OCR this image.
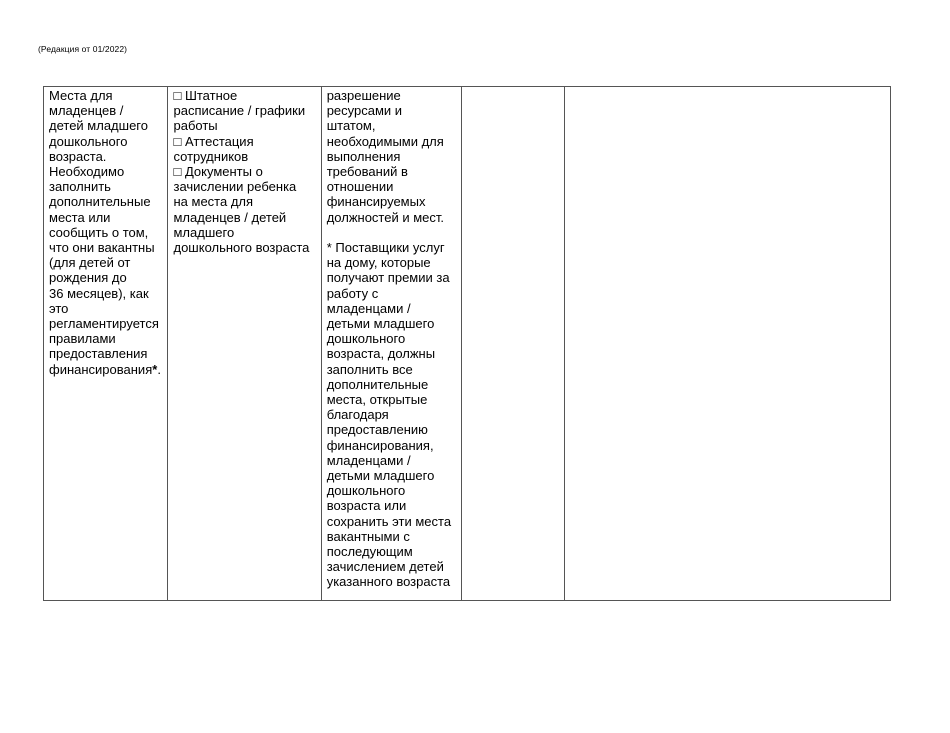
(Редакция от 01/2022)
Места для
младенцев /
детей младшего
дошкольного
возраста.
Необходимо
заполнить
дополнительные
места или
сообщить о том,
что они вакантны
(для детей от
рождения до
36 месяцев), как
это
регламентируется
правилами
предоставления
финансирования*.

□ Штатное
расписание / графики
работы
□ Аттестация
сотрудников
□ Документы о
зачислении ребенка
на места для
младенцев / детей
младшего
дошкольного возраста

разрешение
ресурсами и
штатом,
необходимыми для
выполнения
требований в
отношении
финансируемых
должностей и мест.
* Поставщики услуг
на дому, которые
получают премии за
работу с
младенцами /
детьми младшего
дошкольного
возраста, должны
заполнить все
дополнительные
места, открытые
благодаря
предоставлению
финансирования,
младенцами /
детьми младшего
дошкольного
возраста или
сохранить эти места
вакантными с
последующим
зачислением детей
указанного возраста
